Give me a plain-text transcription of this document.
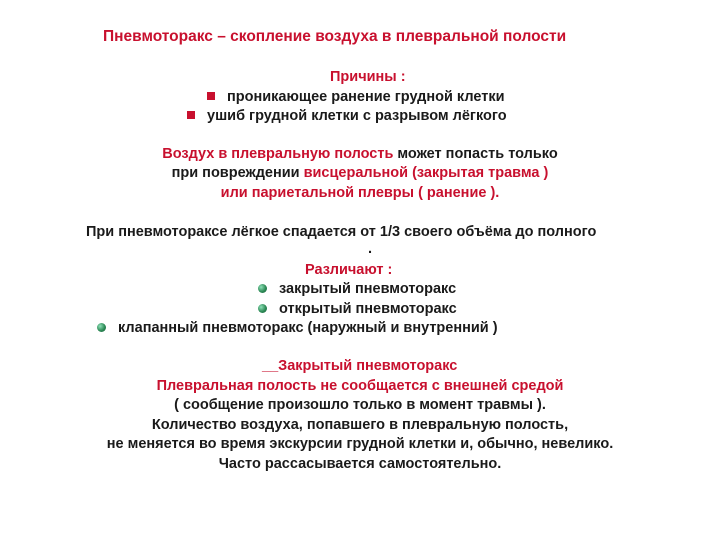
Пневмоторакс – скопление воздуха в плевральной полости
Причины :
проникающее ранение грудной клетки
ушиб грудной клетки с разрывом лёгкого
Воздух в плевральную полость может попасть только
при повреждении висцеральной (закрытая травма )
или париетальной плевры ( ранение ).
При пневмотораксе лёгкое спадается от 1/3 своего объёма до полного
.
Различают :
закрытый пневмоторакс
открытый пневмоторакс
клапанный пневмоторакс (наружный и внутренний )
__Закрытый пневмоторакс
Плевральная полость не сообщается с внешней средой
( сообщение произошло только в момент травмы ).
Количество воздуха, попавшего в плевральную полость,
не меняется во время экскурсии грудной клетки и, обычно, невелико.
Часто рассасывается самостоятельно.
